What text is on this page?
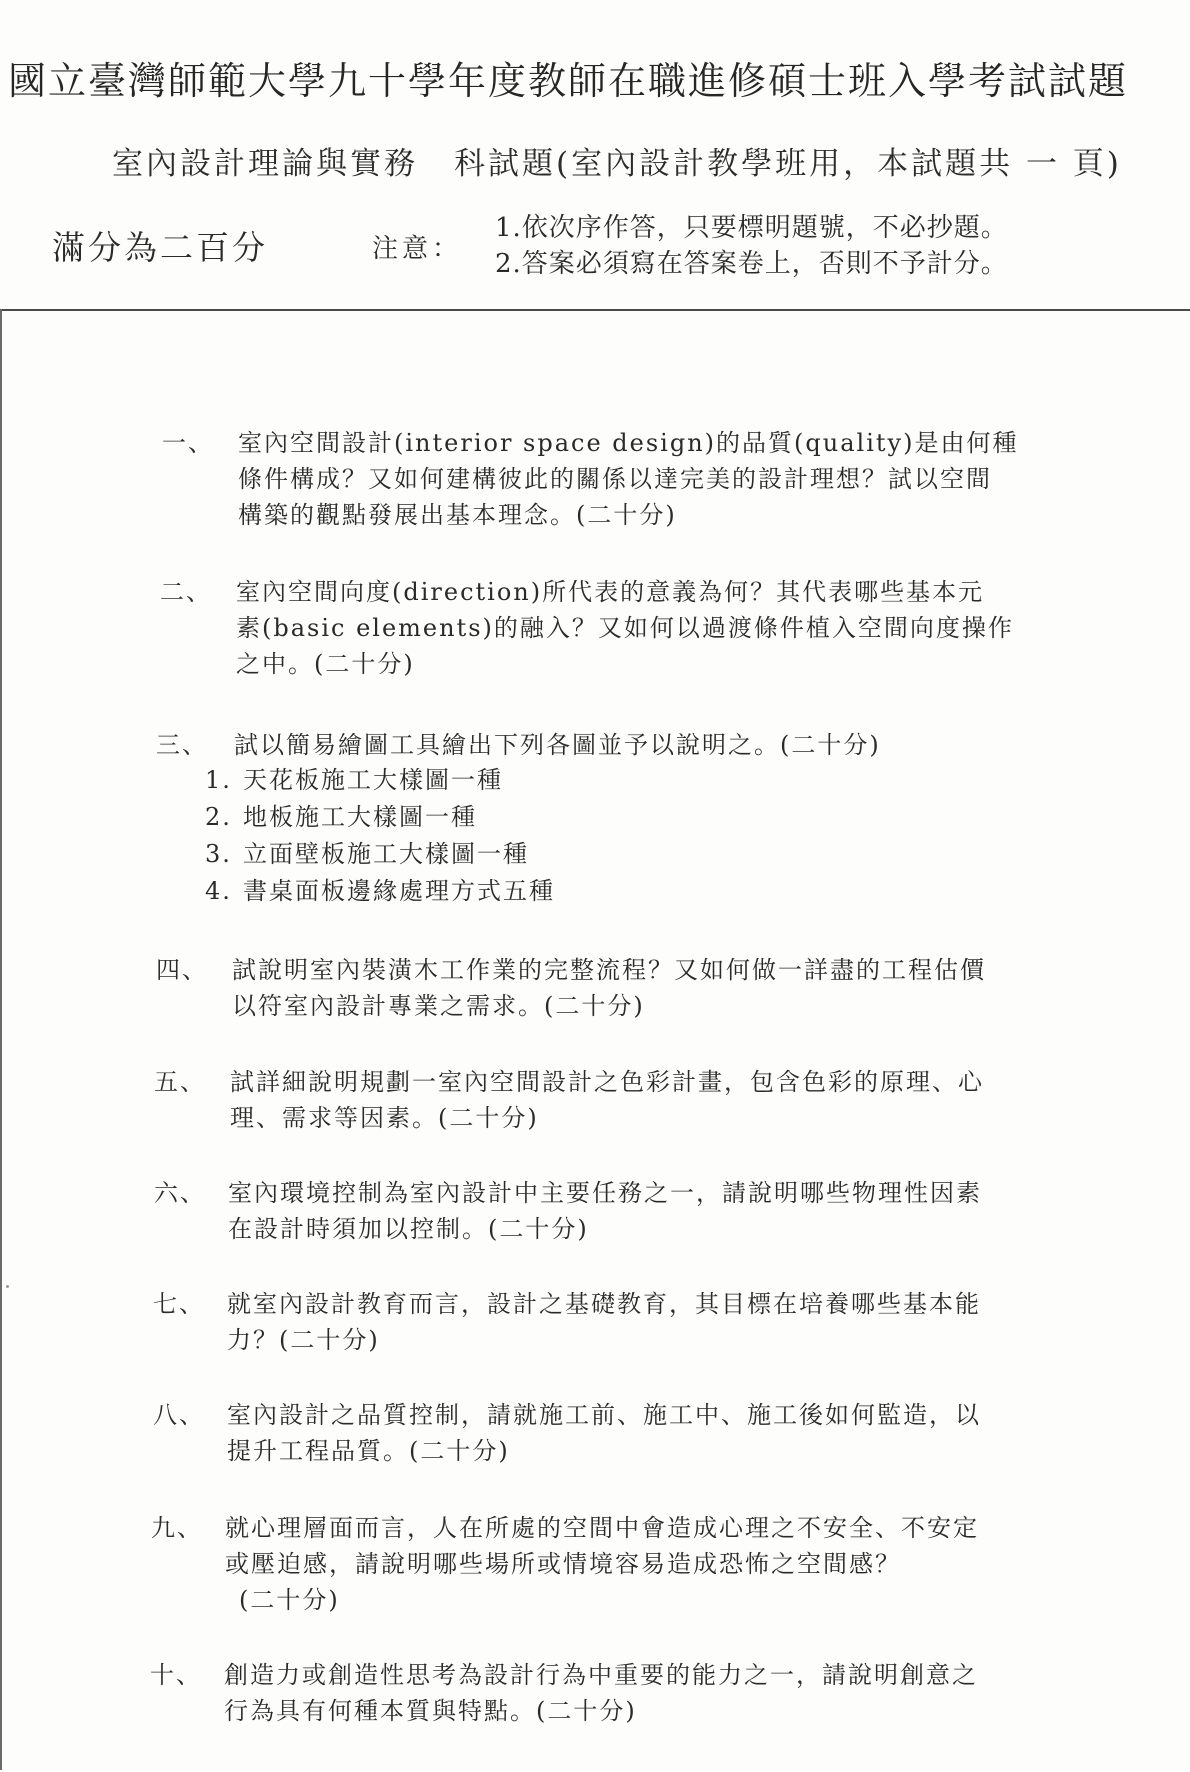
國立臺灣師範大學九十學年度教師在職進修碩士班入學考試試題
室內設計理論與實務 科試題(室內設計教學班用，本試題共 一 頁)
滿分為二百分	注意：
1.依次序作答，只要標明題號，不必抄題。
2.答案必須寫在答案卷上，否則不予計分。
一、 室內空間設計(interior space design)的品質(quality)是由何種
條件構成？又如何建構彼此的關係以達完美的設計理想？試以空間
構築的觀點發展出基本理念。(二十分)
二、 室內空間向度(direction)所代表的意義為何？其代表哪些基本元
素(basic elements)的融入？又如何以過渡條件植入空間向度操作
之中。(二十分)
三、 試以簡易繪圖工具繪出下列各圖並予以說明之。(二十分)
1. 天花板施工大樣圖一種
2. 地板施工大樣圖一種
3. 立面壁板施工大樣圖一種
4. 書桌面板邊緣處理方式五種
四、 試說明室內裝潢木工作業的完整流程？又如何做一詳盡的工程估價
以符室內設計專業之需求。(二十分)
五、 試詳細說明規劃一室內空間設計之色彩計畫，包含色彩的原理、心
理、需求等因素。(二十分)
六、 室內環境控制為室內設計中主要任務之一，請說明哪些物理性因素
在設計時須加以控制。(二十分)
七、 就室內設計教育而言，設計之基礎教育，其目標在培養哪些基本能
力？(二十分)
八、 室內設計之品質控制，請就施工前、施工中、施工後如何監造，以
提升工程品質。(二十分)
九、 就心理層面而言，人在所處的空間中會造成心理之不安全、不安定
或壓迫感，請說明哪些場所或情境容易造成恐怖之空間感？
(二十分)
十、 創造力或創造性思考為設計行為中重要的能力之一，請說明創意之
行為具有何種本質與特點。(二十分)
